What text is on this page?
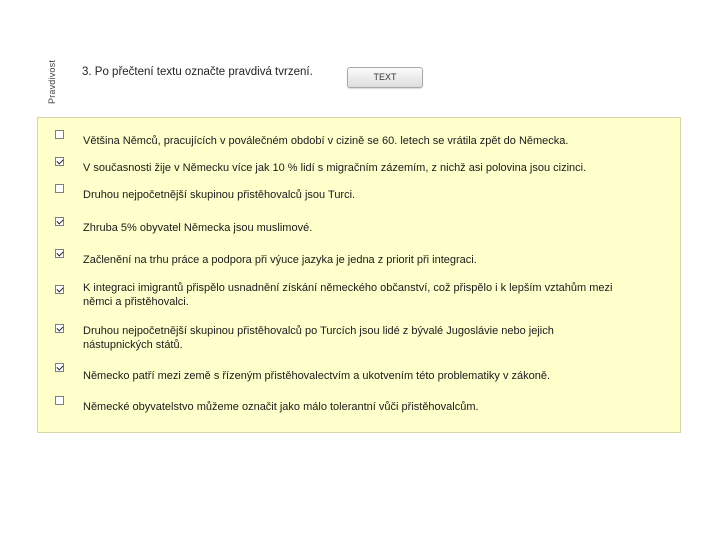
Pravdivost 3. Po přečtení textu označte pravdivá tvrzení.	TEXT
Většina Němců, pracujících v poválečném období v cizině se 60. letech se vrátila zpět do Německa.
V současnosti žije v Německu více jak 10 % lidí s migračním zázemím, z nichž asi polovina jsou cizinci.
Druhou nejpočetnější skupinou přistěhovalců jsou Turci.
Zhruba 5% obyvatel Německa jsou muslimové.
Začlenění na trhu práce a podpora při výuce jazyka je jedna z priorit při integraci.
K integraci imigrantů přispělo usnadnění získání německého občanství, což přispělo i k lepším vztahům mezi němci a přistěhovalci.
Druhou nejpočetnější skupinou přistěhovalců po Turcích jsou lidé z bývalé Jugoslávie nebo jejich nástupnických států.
Německo patří mezi země s řízeným přistěhovalectvím a ukotvením této problematiky v zákoně.
Německé obyvatelstvo můžeme označit jako málo tolerantní vůči přistěhovalcům.
